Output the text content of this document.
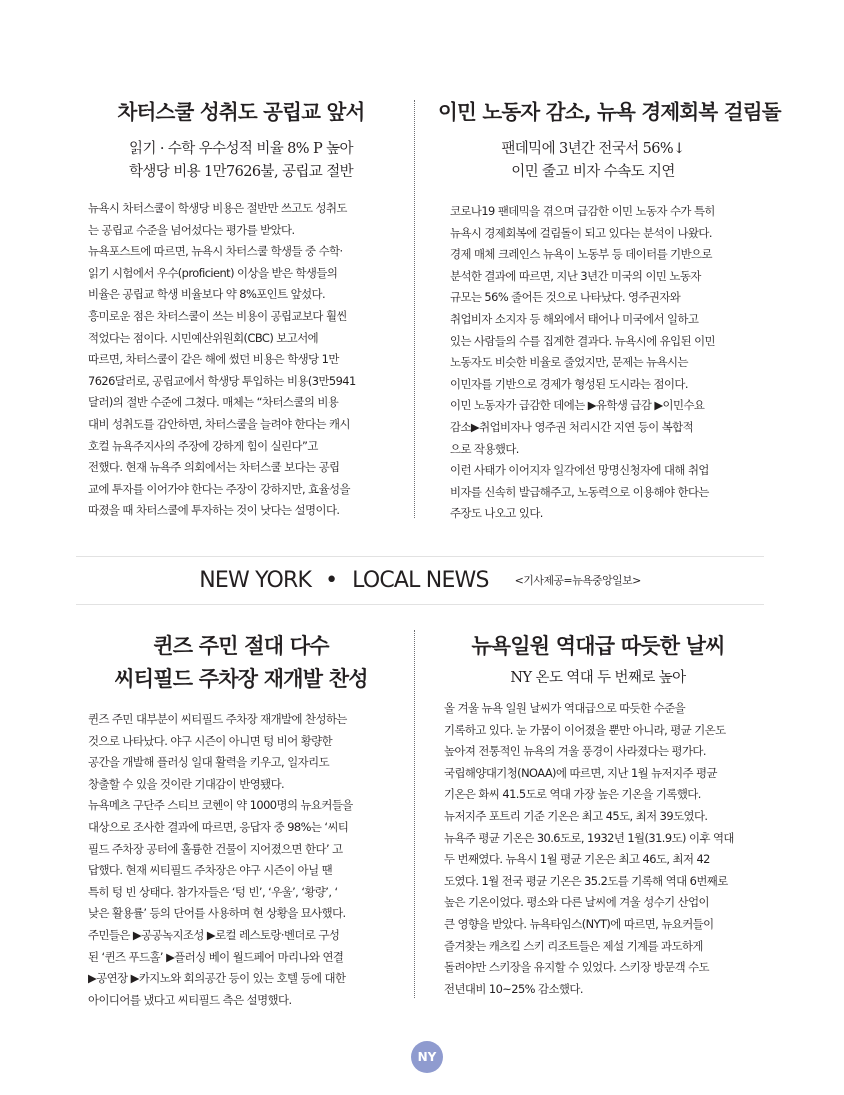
차터스쿨 성취도 공립교 앞서
읽기 · 수학 우수성적 비율 8% P 높아
학생당 비용 1만7626불, 공립교 절반
뉴욕시 차터스쿨이 학생당 비용은 절반만 쓰고도 성취도
는 공립교 수준을 넘어섰다는 평가를 받았다.
뉴욕포스트에 따르면, 뉴욕시 차터스쿨 학생들 중 수학·
읽기 시험에서 우수(proficient) 이상을 받은 학생들의
비율은 공립교 학생 비율보다 약 8%포인트 앞섰다.
흥미로운 점은 차터스쿨이 쓰는 비용이 공립교보다 훨씬
적었다는 점이다. 시민예산위원회(CBC) 보고서에
따르면, 차터스쿨이 같은 해에 썼던 비용은 학생당 1만
7626달러로, 공립교에서 학생당 투입하는 비용(3만5941
달러)의 절반 수준에 그쳤다. 매체는 “차터스쿨의 비용
대비 성취도를 감안하면, 차터스쿨을 늘려야 한다는 캐시
호컬 뉴욕주지사의 주장에 강하게 힘이 실린다”고
전했다. 현재 뉴욕주 의회에서는 차터스쿨 보다는 공립
교에 투자를 이어가야 한다는 주장이 강하지만, 효율성을
따졌을 때 차터스쿨에 투자하는 것이 낫다는 설명이다.
이민 노동자 감소, 뉴욕 경제회복 걸림돌
팬데믹에 3년간 전국서 56%↓
이민 줄고 비자 수속도 지연
코로나19 팬데믹을 겪으며 급감한 이민 노동자 수가 특히
뉴욕시 경제회복에 걸림돌이 되고 있다는 분석이 나왔다.
경제 매체 크레인스 뉴욕이 노동부 등 데이터를 기반으로
분석한 결과에 따르면, 지난 3년간 미국의 이민 노동자
규모는 56% 줄어든 것으로 나타났다. 영주권자와
취업비자 소지자 등 해외에서 태어나 미국에서 일하고
있는 사람들의 수를 집계한 결과다. 뉴욕시에 유입된 이민
노동자도 비슷한 비율로 줄었지만, 문제는 뉴욕시는
이민자를 기반으로 경제가 형성된 도시라는 점이다.
이민 노동자가 급감한 데에는 ▶유학생 급감 ▶이민수요
감소▶취업비자나 영주권 처리시간 지연 등이 복합적
으로 작용했다.
이런 사태가 이어지자 일각에선 망명신청자에 대해 취업
비자를 신속히 발급해주고, 노동력으로 이용해야 한다는
주장도 나오고 있다.
NEW YORK • LOCAL NEWS <기사제공=뉴욕중앙일보>
퀸즈 주민 절대 다수
씨티필드 주차장 재개발 찬성
퀸즈 주민 대부분이 씨티필드 주차장 재개발에 찬성하는
것으로 나타났다. 야구 시즌이 아니면 텅 비어 황량한
공간을 개발해 플러싱 일대 활력을 키우고, 일자리도
창출할 수 있을 것이란 기대감이 반영됐다.
뉴욕메츠 구단주 스티브 코헨이 약 1000명의 뉴요커들을
대상으로 조사한 결과에 따르면, 응답자 중 98%는 ‘씨티
필드 주차장 공터에 훌륭한 건물이 지어졌으면 한다’ 고
답했다. 현재 씨티필드 주차장은 야구 시즌이 아닐 땐
특히 텅 빈 상태다. 참가자들은 ‘텅 빈’, ‘우울’, ‘황량’, ‘
낮은 활용률’ 등의 단어를 사용하며 현 상황을 묘사했다.
주민들은 ▶공공녹지조성 ▶로컬 레스토랑·벤더로 구성
된 ‘퀸즈 푸드홀’ ▶플러싱 베이 월드페어 마리나와 연결
▶공연장 ▶카지노와 회의공간 등이 있는 호텔 등에 대한
아이디어를 냈다고 씨티필드 측은 설명했다.
뉴욕일원 역대급 따듯한 날씨
NY 온도 역대 두 번째로 높아
올 겨울 뉴욕 일원 날씨가 역대급으로 따듯한 수준을
기록하고 있다. 눈 가뭄이 이어졌을 뿐만 아니라, 평균 기온도
높아져 전통적인 뉴욕의 겨울 풍경이 사라졌다는 평가다.
국립해양대기청(NOAA)에 따르면, 지난 1월 뉴저지주 평균
기온은 화씨 41.5도로 역대 가장 높은 기온을 기록했다.
뉴저지주 포트리 기준 기온은 최고 45도, 최저 39도였다.
뉴욕주 평균 기온은 30.6도로, 1932년 1월(31.9도) 이후 역대
두 번째였다. 뉴욕시 1월 평균 기온은 최고 46도, 최저 42
도였다. 1월 전국 평균 기온은 35.2도를 기록해 역대 6번째로
높은 기온이었다. 평소와 다른 날씨에 겨울 성수기 산업이
큰 영향을 받았다. 뉴욕타임스(NYT)에 따르면, 뉴요커들이
즐겨찾는 캐츠킬 스키 리조트들은 제설 기계를 과도하게
돌려야만 스키장을 유지할 수 있었다. 스키장 방문객 수도
전년대비 10~25% 감소했다.
NY
